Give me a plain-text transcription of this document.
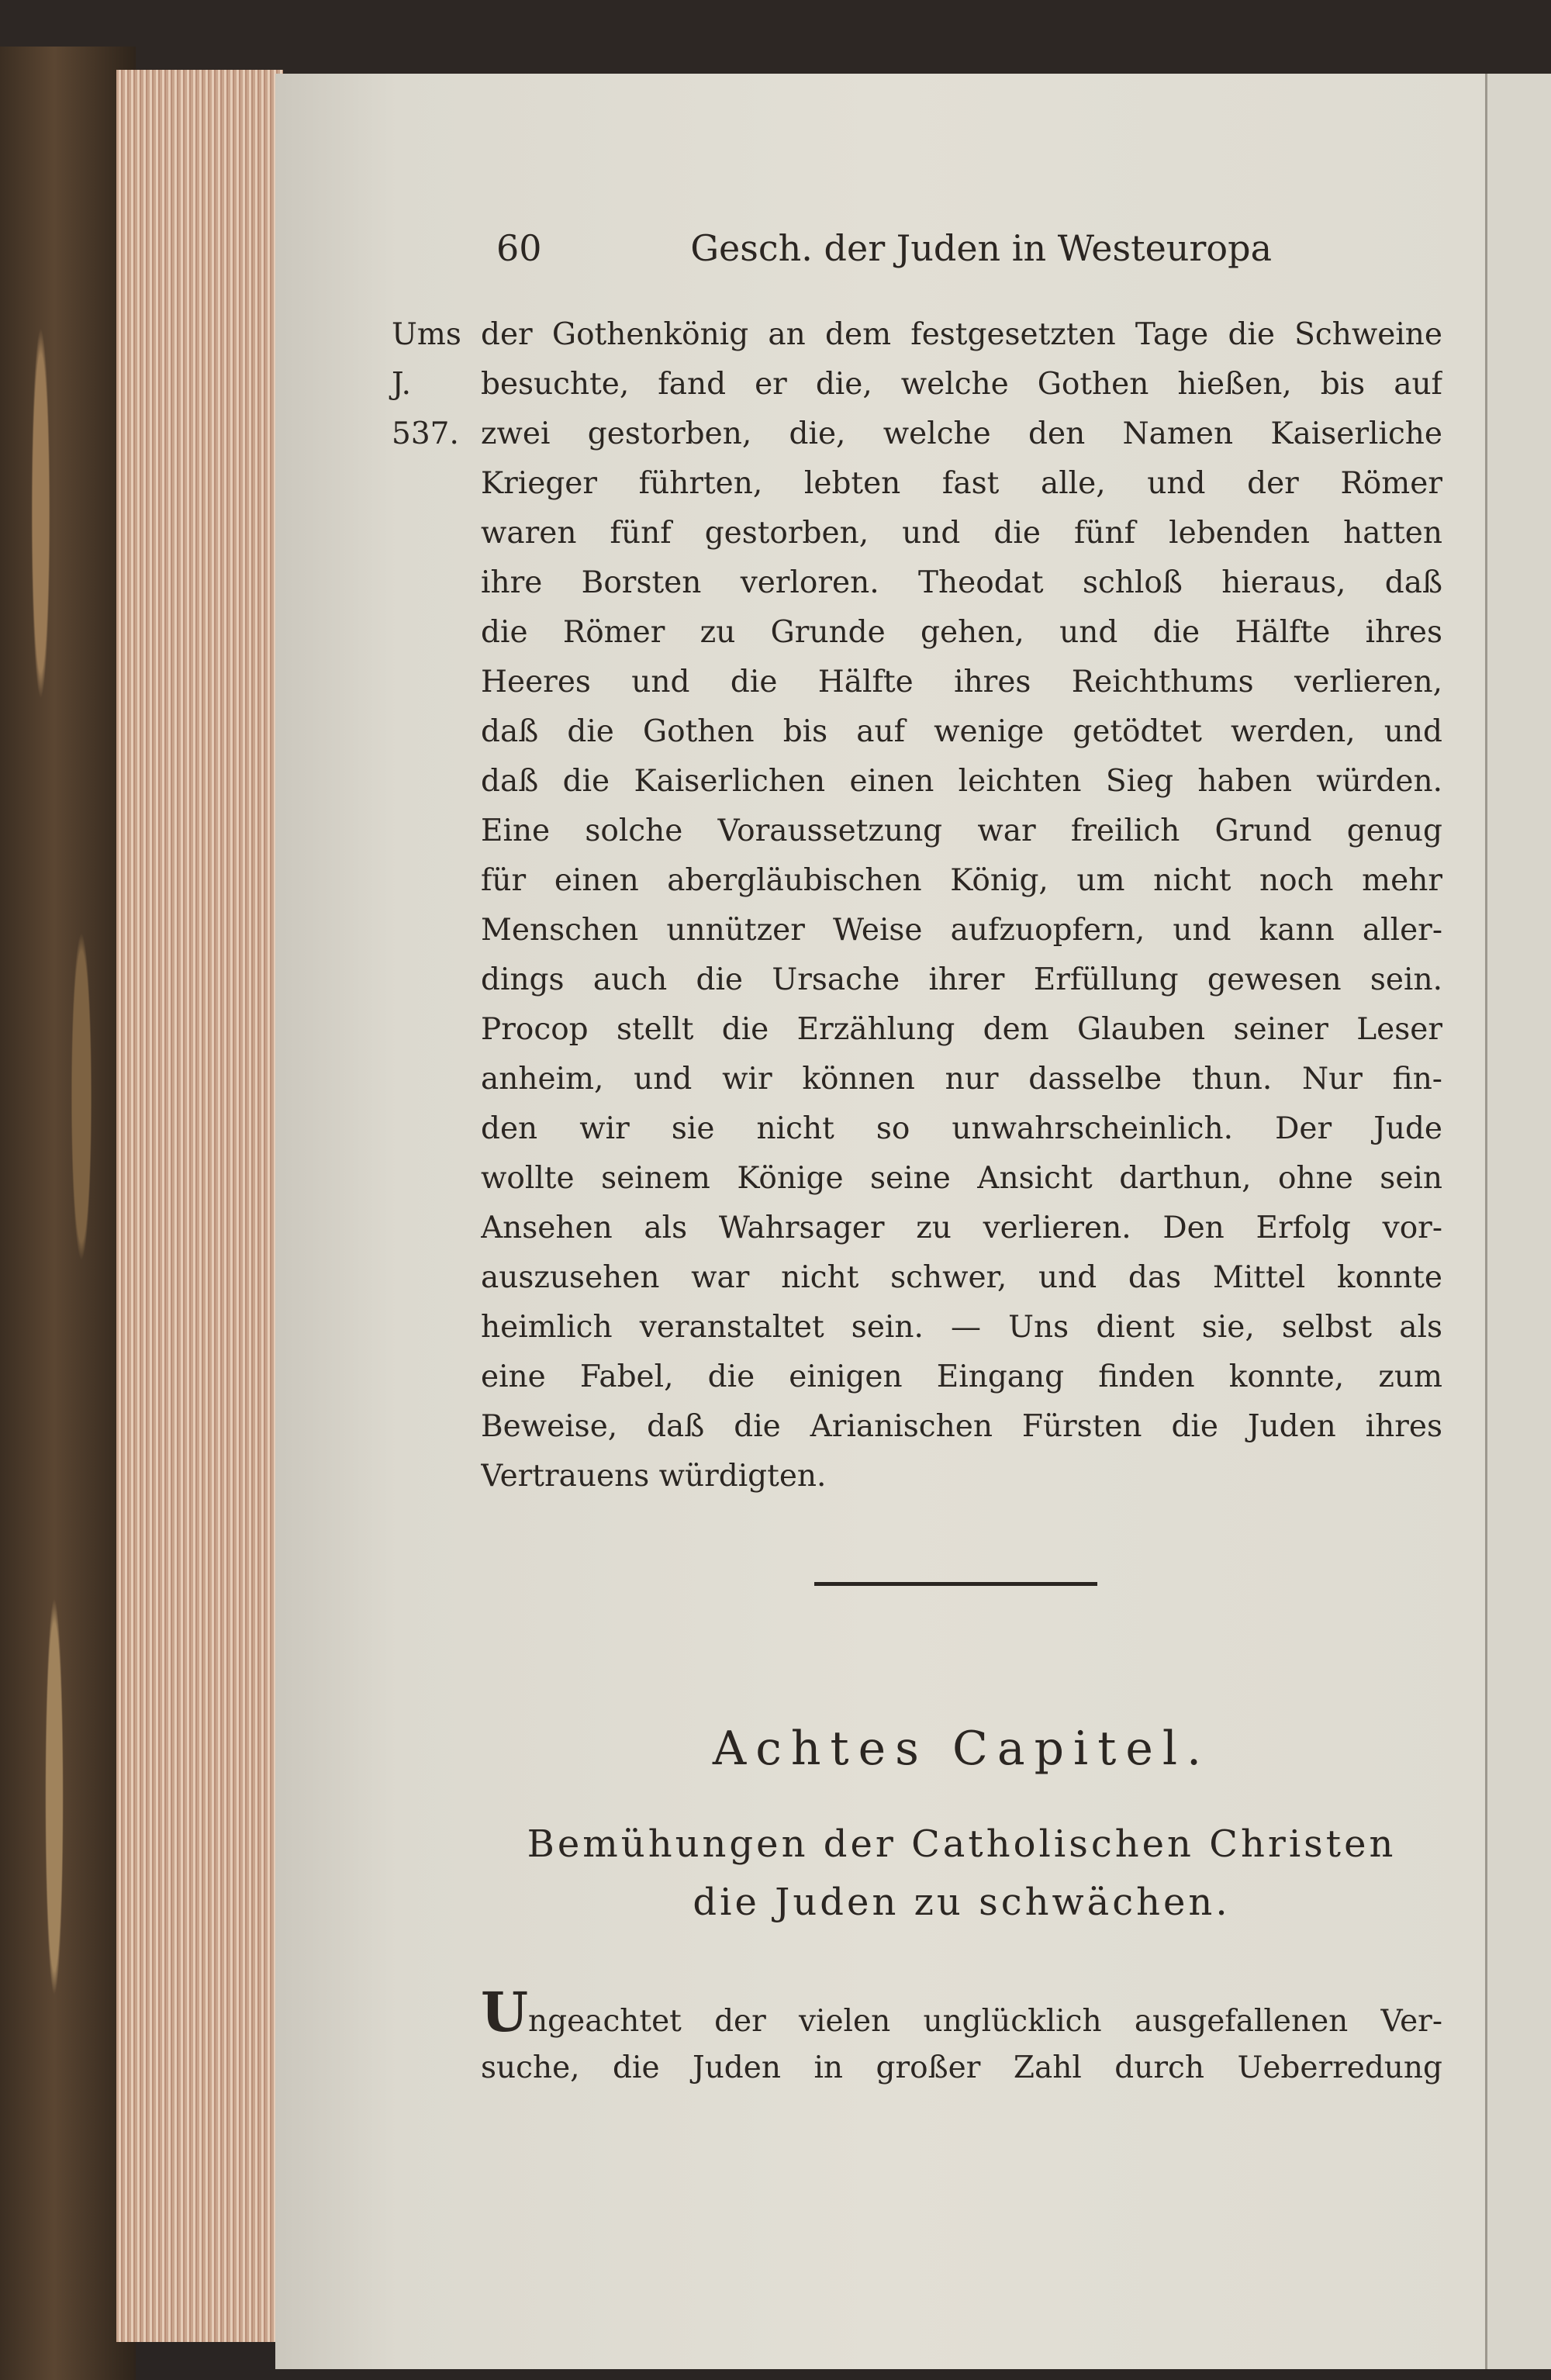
60	Gesch. der Juden in Westeuropa
Ums
J.
537.
der Gothenkönig an dem festgesetzten Tage die Schweine
besuchte, fand er die, welche Gothen hießen, bis auf
zwei gestorben, die, welche den Namen Kaiserliche
Krieger führten, lebten fast alle, und der Römer
waren fünf gestorben, und die fünf lebenden hatten
ihre Borsten verloren. Theodat schloß hieraus, daß
die Römer zu Grunde gehen, und die Hälfte ihres
Heeres und die Hälfte ihres Reichthums verlieren,
daß die Gothen bis auf wenige getödtet werden, und
daß die Kaiserlichen einen leichten Sieg haben würden.
Eine solche Voraussetzung war freilich Grund genug
für einen abergläubischen König, um nicht noch mehr
Menschen unnützer Weise aufzuopfern, und kann aller-
dings auch die Ursache ihrer Erfüllung gewesen sein.
Procop stellt die Erzählung dem Glauben seiner Leser
anheim, und wir können nur dasselbe thun. Nur fin-
den wir sie nicht so unwahrscheinlich. Der Jude
wollte seinem Könige seine Ansicht darthun, ohne sein
Ansehen als Wahrsager zu verlieren. Den Erfolg vor-
auszusehen war nicht schwer, und das Mittel konnte
heimlich veranstaltet sein. — Uns dient sie, selbst als
eine Fabel, die einigen Eingang finden konnte, zum
Beweise, daß die Arianischen Fürsten die Juden ihres
Vertrauens würdigten.
Achtes Capitel.
Bemühungen der Catholischen Christen
die Juden zu schwächen.
Ungeachtet der vielen unglücklich ausgefallenen Ver-
suche, die Juden in großer Zahl durch Ueberredung
